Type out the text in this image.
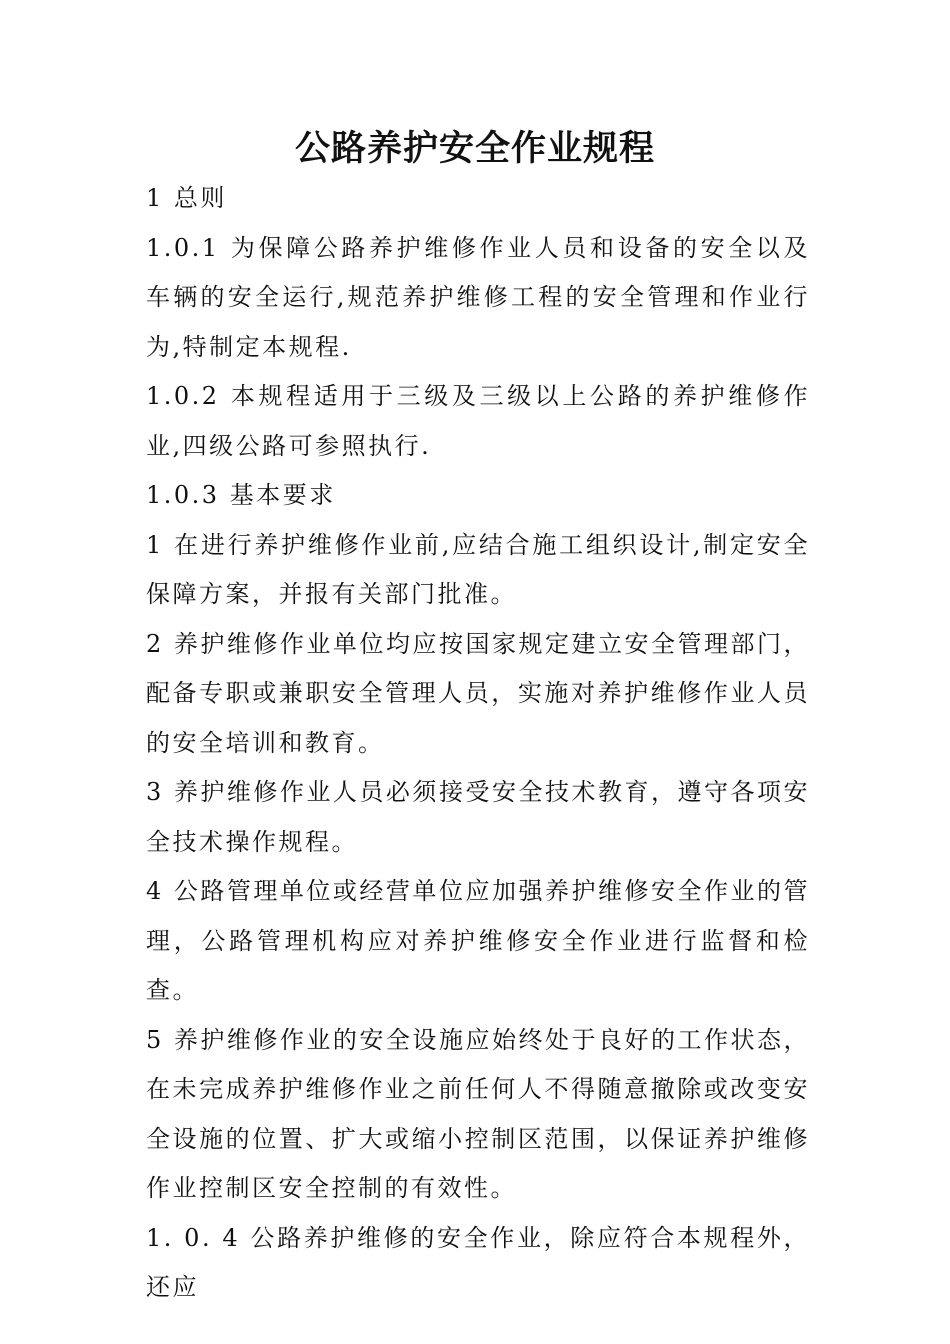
公路养护安全作业规程

1 总则

1.0.1 为保障公路养护维修作业人员和设备的安全以及车辆的安全运行,规范养护维修工程的安全管理和作业行为,特制定本规程.

1.0.2 本规程适用于三级及三级以上公路的养护维修作业,四级公路可参照执行.

1.0.3 基本要求

1 在进行养护维修作业前,应结合施工组织设计,制定安全保障方案，并报有关部门批准。

2 养护维修作业单位均应按国家规定建立安全管理部门，配备专职或兼职安全管理人员，实施对养护维修作业人员的安全培训和教育。

3 养护维修作业人员必须接受安全技术教育，遵守各项安全技术操作规程。

4 公路管理单位或经营单位应加强养护维修安全作业的管理，公路管理机构应对养护维修安全作业进行监督和检查。

5 养护维修作业的安全设施应始终处于良好的工作状态，在未完成养护维修作业之前任何人不得随意撤除或改变安全设施的位置、扩大或缩小控制区范围，以保证养护维修作业控制区安全控制的有效性。

1. 0. 4 公路养护维修的安全作业，除应符合本规程外，还应
